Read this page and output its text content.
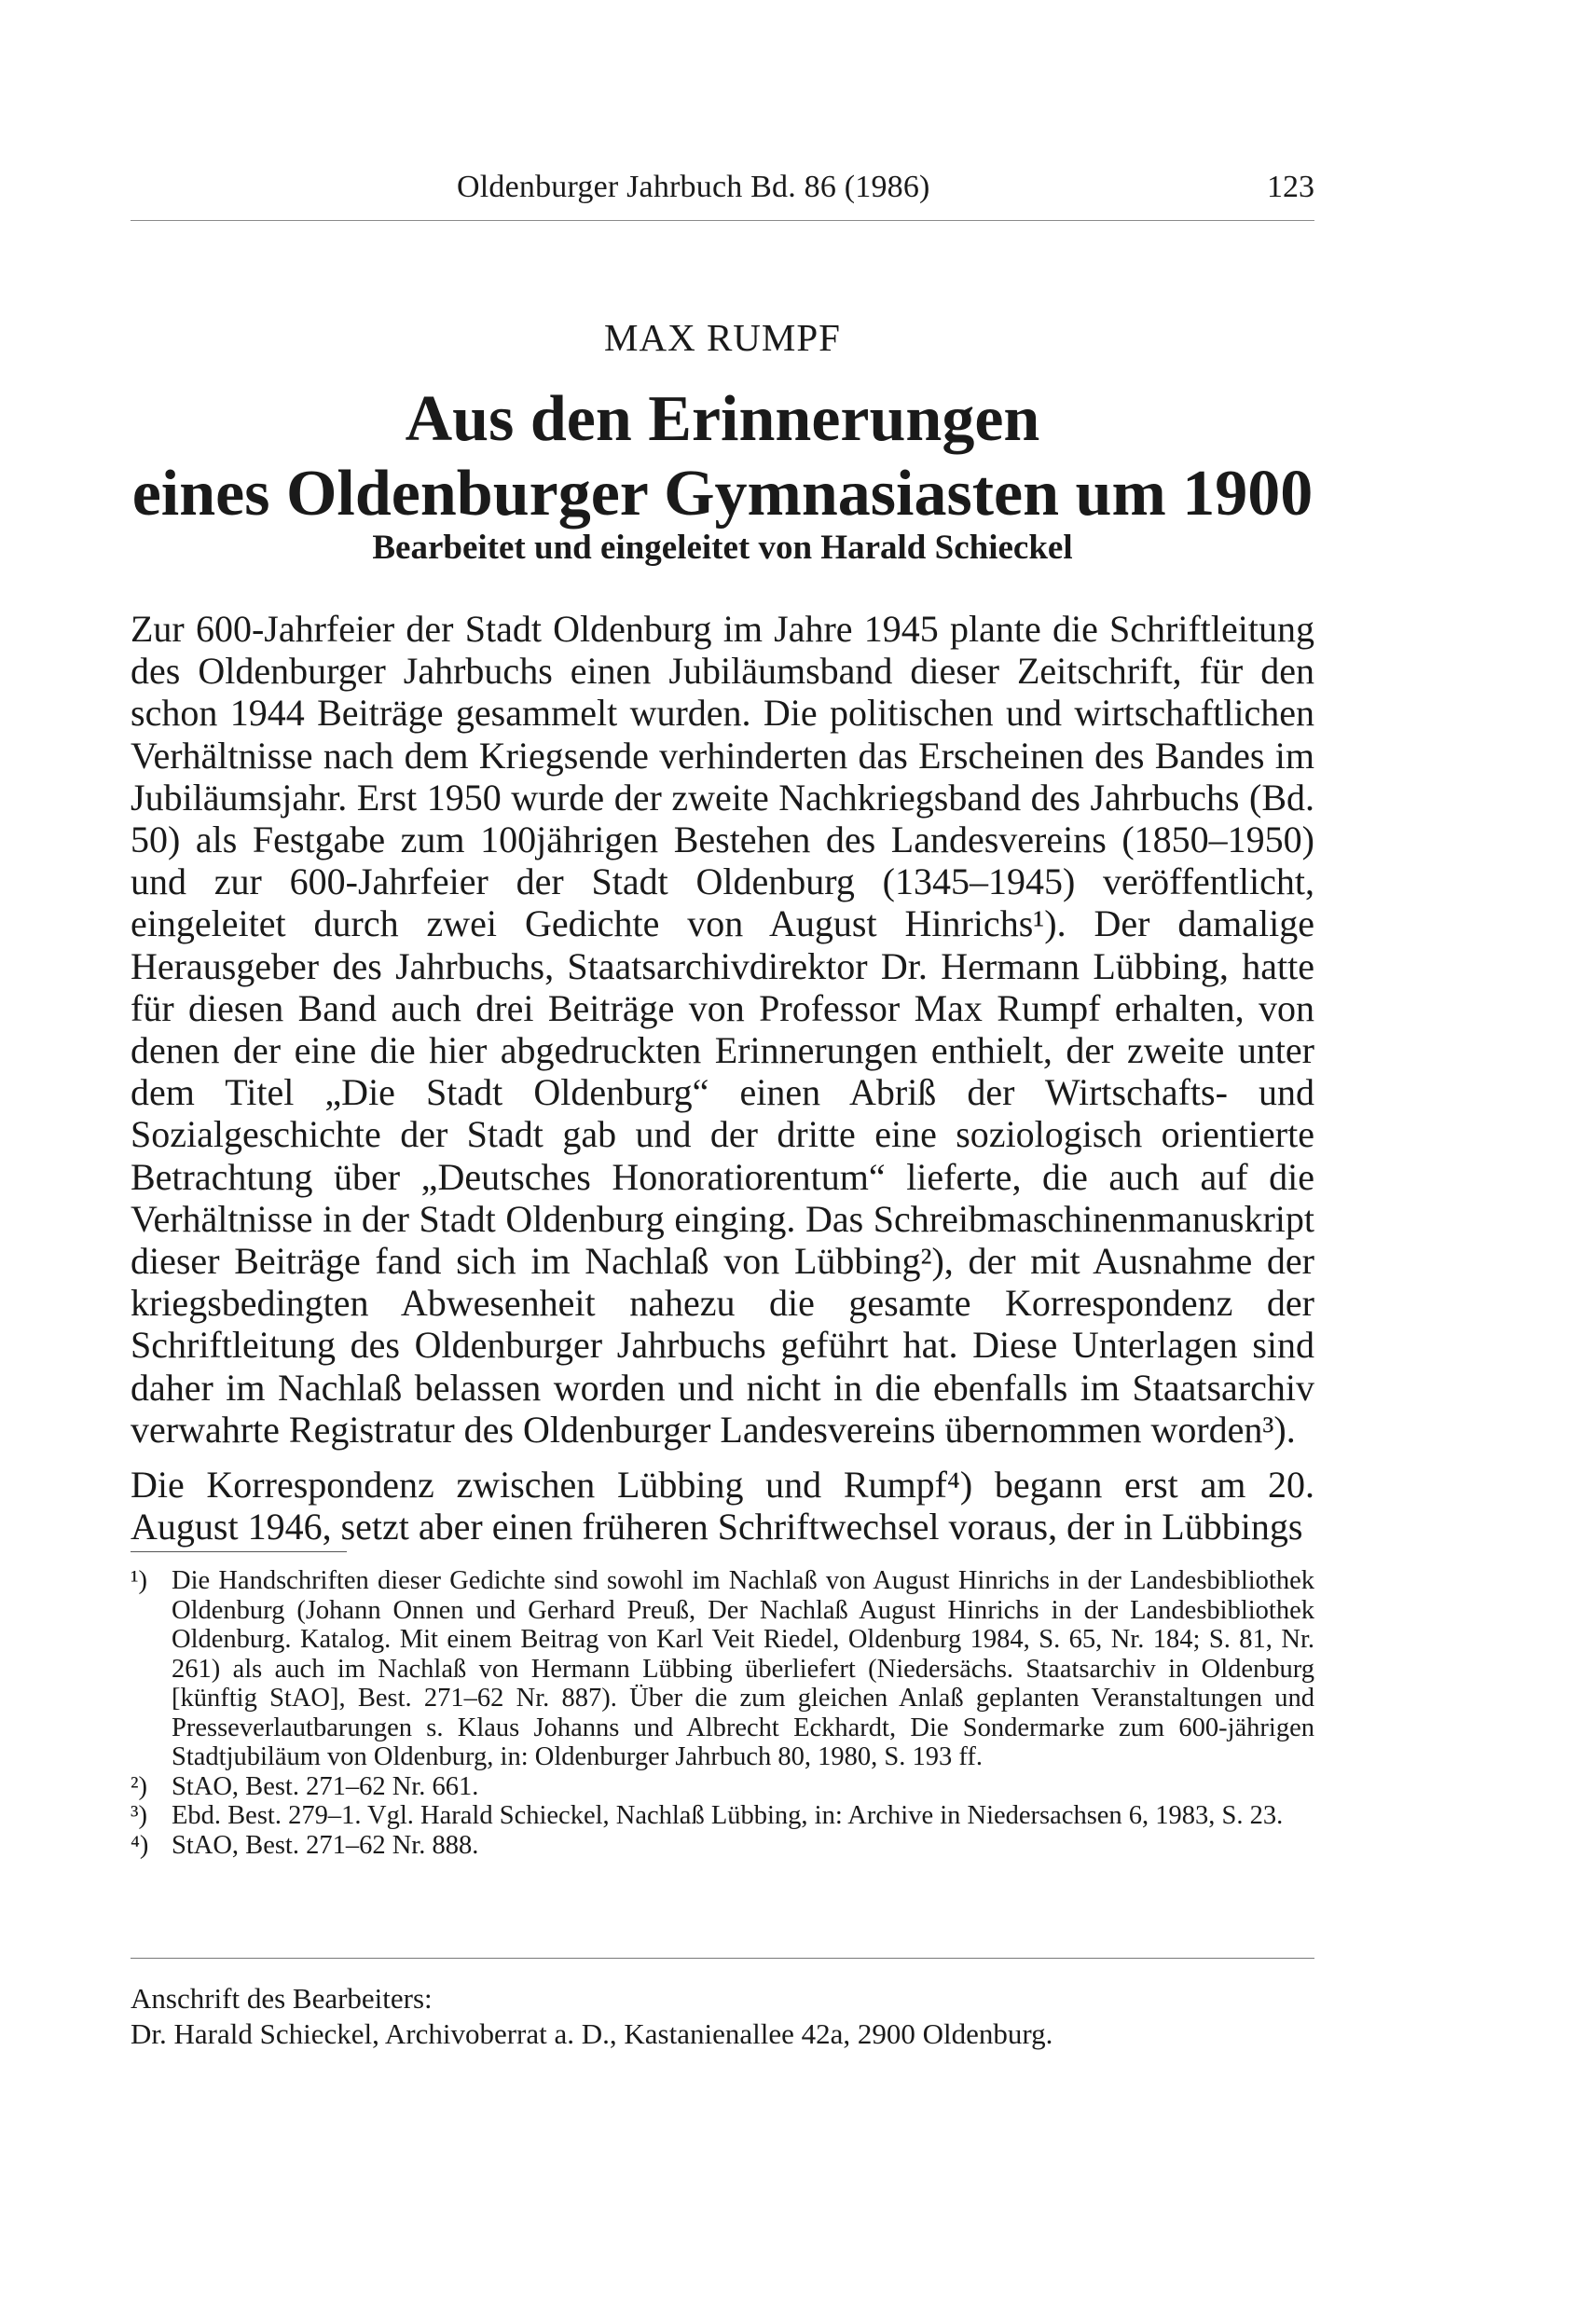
Oldenburger Jahrbuch Bd. 86 (1986)	123
MAX RUMPF
Aus den Erinnerungen
eines Oldenburger Gymnasiasten um 1900
Bearbeitet und eingeleitet von Harald Schieckel

Zur 600-Jahrfeier der Stadt Oldenburg im Jahre 1945 plante die Schriftleitung des Oldenburger Jahrbuchs einen Jubiläumsband dieser Zeitschrift, für den schon 1944 Beiträge gesammelt wurden. Die politischen und wirtschaftlichen Verhältnisse nach dem Kriegsende verhinderten das Erscheinen des Bandes im Jubiläumsjahr. Erst 1950 wurde der zweite Nachkriegsband des Jahrbuchs (Bd. 50) als Festgabe zum 100jährigen Bestehen des Landesvereins (1850–1950) und zur 600-Jahrfeier der Stadt Oldenburg (1345–1945) veröffentlicht, eingeleitet durch zwei Gedichte von August Hinrichs¹). Der damalige Herausgeber des Jahrbuchs, Staatsarchivdirektor Dr. Hermann Lübbing, hatte für diesen Band auch drei Beiträge von Professor Max Rumpf erhalten, von denen der eine die hier abgedruckten Erinnerungen enthielt, der zweite unter dem Titel „Die Stadt Oldenburg“ einen Abriß der Wirtschafts- und Sozialgeschichte der Stadt gab und der dritte eine soziologisch orientierte Betrachtung über „Deutsches Honoratiorentum“ lieferte, die auch auf die Verhältnisse in der Stadt Oldenburg einging. Das Schreibmaschinenmanuskript dieser Beiträge fand sich im Nachlaß von Lübbing²), der mit Ausnahme der kriegsbedingten Abwesenheit nahezu die gesamte Korrespondenz der Schriftleitung des Oldenburger Jahrbuchs geführt hat. Diese Unterlagen sind daher im Nachlaß belassen worden und nicht in die ebenfalls im Staatsarchiv verwahrte Registratur des Oldenburger Landesvereins übernommen worden³).

Die Korrespondenz zwischen Lübbing und Rumpf⁴) begann erst am 20. August 1946, setzt aber einen früheren Schriftwechsel voraus, der in Lübbings

¹) Die Handschriften dieser Gedichte sind sowohl im Nachlaß von August Hinrichs in der Landesbibliothek Oldenburg (Johann Onnen und Gerhard Preuß, Der Nachlaß August Hinrichs in der Landesbibliothek Oldenburg. Katalog. Mit einem Beitrag von Karl Veit Riedel, Oldenburg 1984, S. 65, Nr. 184; S. 81, Nr. 261) als auch im Nachlaß von Hermann Lübbing überliefert (Niedersächs. Staatsarchiv in Oldenburg [künftig StAO], Best. 271–62 Nr. 887). Über die zum gleichen Anlaß geplanten Veranstaltungen und Presseverlautbarungen s. Klaus Johanns und Albrecht Eckhardt, Die Sondermarke zum 600-jährigen Stadtjubiläum von Oldenburg, in: Oldenburger Jahrbuch 80, 1980, S. 193 ff.
²) StAO, Best. 271–62 Nr. 661.
³) Ebd. Best. 279–1. Vgl. Harald Schieckel, Nachlaß Lübbing, in: Archive in Niedersachsen 6, 1983, S. 23.
⁴) StAO, Best. 271–62 Nr. 888.
Anschrift des Bearbeiters:
Dr. Harald Schieckel, Archivoberrat a. D., Kastanienallee 42a, 2900 Oldenburg.
